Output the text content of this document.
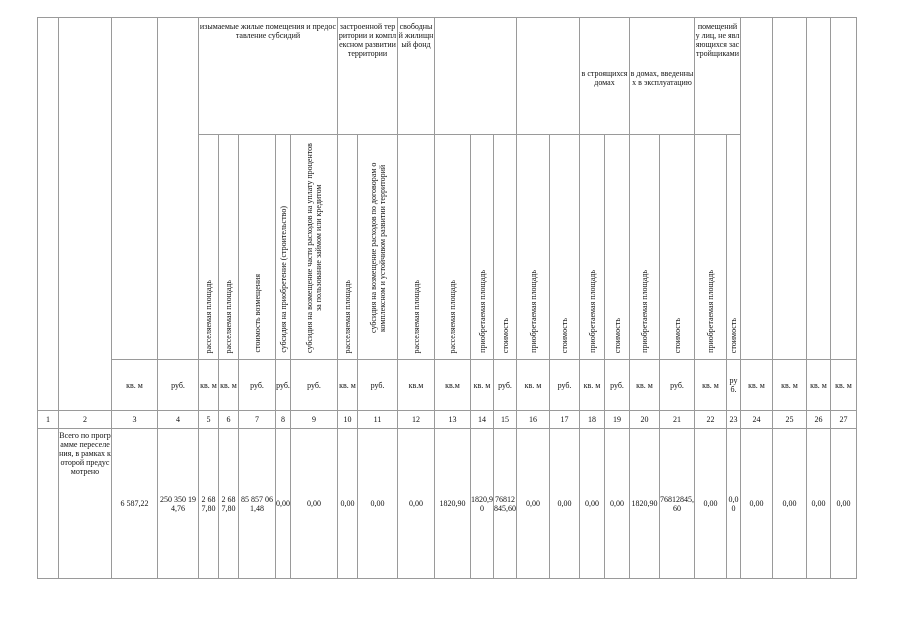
				изымаемые жилые помещения и предоставление субсидий					застроенной территории и комплексном развитии территории		свободный жилищный фонд						в строящихся домах		в домах, введенных в эксплуатацию		помещений у лиц, не являющихся застройщиками					
				расселяемая площадь	расселяемая площадь	стоимость возмещения	субсидия на приобретение (строительство)	субсидия на возмещение части расходов на уплату процентов за пользование займом или кредитом	расселяемая площадь	субсидия на возмещение расходов по договорам о комплексном и устойчивом развитии территорий	расселяемая площадь	расселяемая площадь	приобретаемая площадь	стоимость	приобретаемая площадь	стоимость	приобретаемая площадь	стоимость	приобретаемая площадь	стоимость	приобретаемая площадь	стоимость				
		кв. м	руб.	кв. м	кв. м	руб.	руб.	руб.	кв. м	руб.	кв.м	кв.м	кв. м	руб.	кв. м	руб.	кв. м	руб.	кв. м	руб.	кв. м	руб.	кв. м	кв. м	кв. м	кв. м
1	2	3	4	5	6	7	8	9	10	11	12	13	14	15	16	17	18	19	20	21	22	23	24	25	26	27
	Всего по программе переселения, в рамках которой предусмотрено	6 587,22	250 350 194,76	2 687,80	2 687,80	85 857 061,48	0,00	0,00	0,00	0,00	0,00	1820,90	1820,90	76812845,60	0,00	0,00	0,00	0,00	1820,90	76812845,60	0,00	0,00	0,00	0,00	0,00	0,00
